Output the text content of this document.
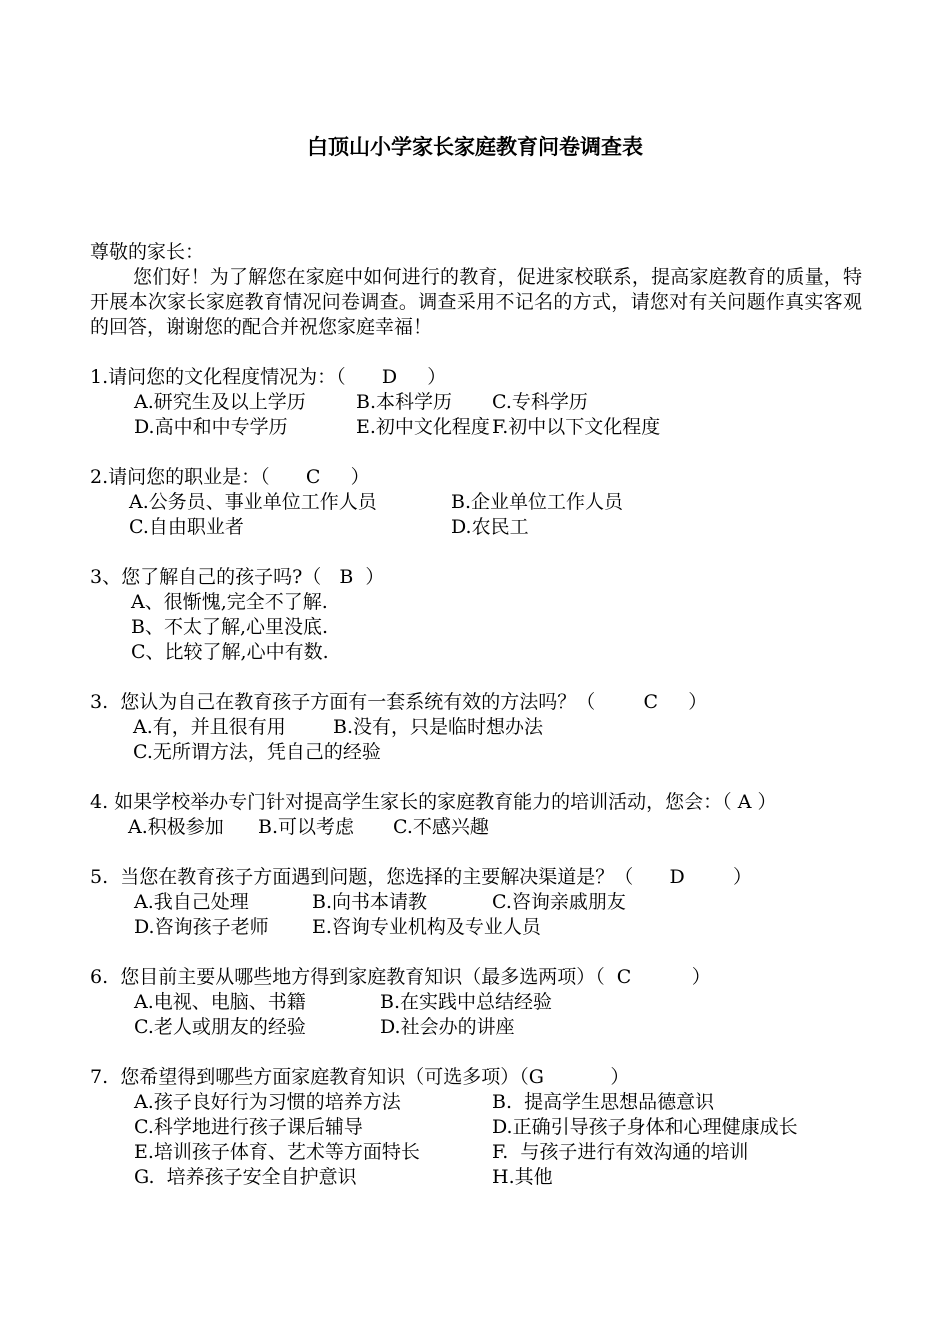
白顶山小学家长家庭教育问卷调查表
尊敬的家长：
您们好！为了解您在家庭中如何进行的教育，促进家校联系，提高家庭教育的质量，特开展本次家长家庭教育情况问卷调查。调查采用不记名的方式，请您对有关问题作真实客观的回答，谢谢您的配合并祝您家庭幸福！
1.请问您的文化程度情况为：（      D     ）
A.研究生及以上学历	B.本科学历	C.专科学历
D.高中和中专学历	E.初中文化程度 F.初中以下文化程度
2.请问您的职业是：（      C     ）
A.公务员、事业单位工作人员	B.企业单位工作人员
C.自由职业者	D.农民工
3、您了解自己的孩子吗?（   B  ）
A、很惭愧,完全不了解.
B、不太了解,心里没底.
C、比较了解,心中有数.
3.  您认为自己在教育孩子方面有一套系统有效的方法吗？（        C     ）
A.有，并且很有用	B.没有，只是临时想办法
C.无所谓方法，凭自己的经验
4. 如果学校举办专门针对提高学生家长的家庭教育能力的培训活动，您会：（ A ）
A.积极参加	B.可以考虑	C.不感兴趣
5.  当您在教育孩子方面遇到问题，您选择的主要解决渠道是？（      D        ）
A.我自己处理	B.向书本请教	C.咨询亲戚朋友
D.咨询孩子老师	E.咨询专业机构及专业人员
6.  您目前主要从哪些地方得到家庭教育知识（最多选两项）（  C          ）
A.电视、电脑、书籍	B.在实践中总结经验
C.老人或朋友的经验	D.社会办的讲座
7.  您希望得到哪些方面家庭教育知识（可选多项）（G           ）
A.孩子良好行为习惯的培养方法	B.  提高学生思想品德意识
C.科学地进行孩子课后辅导	D.正确引导孩子身体和心理健康成长
E.培训孩子体育、艺术等方面特长	F.  与孩子进行有效沟通的培训
G.  培养孩子安全自护意识	H.其他
